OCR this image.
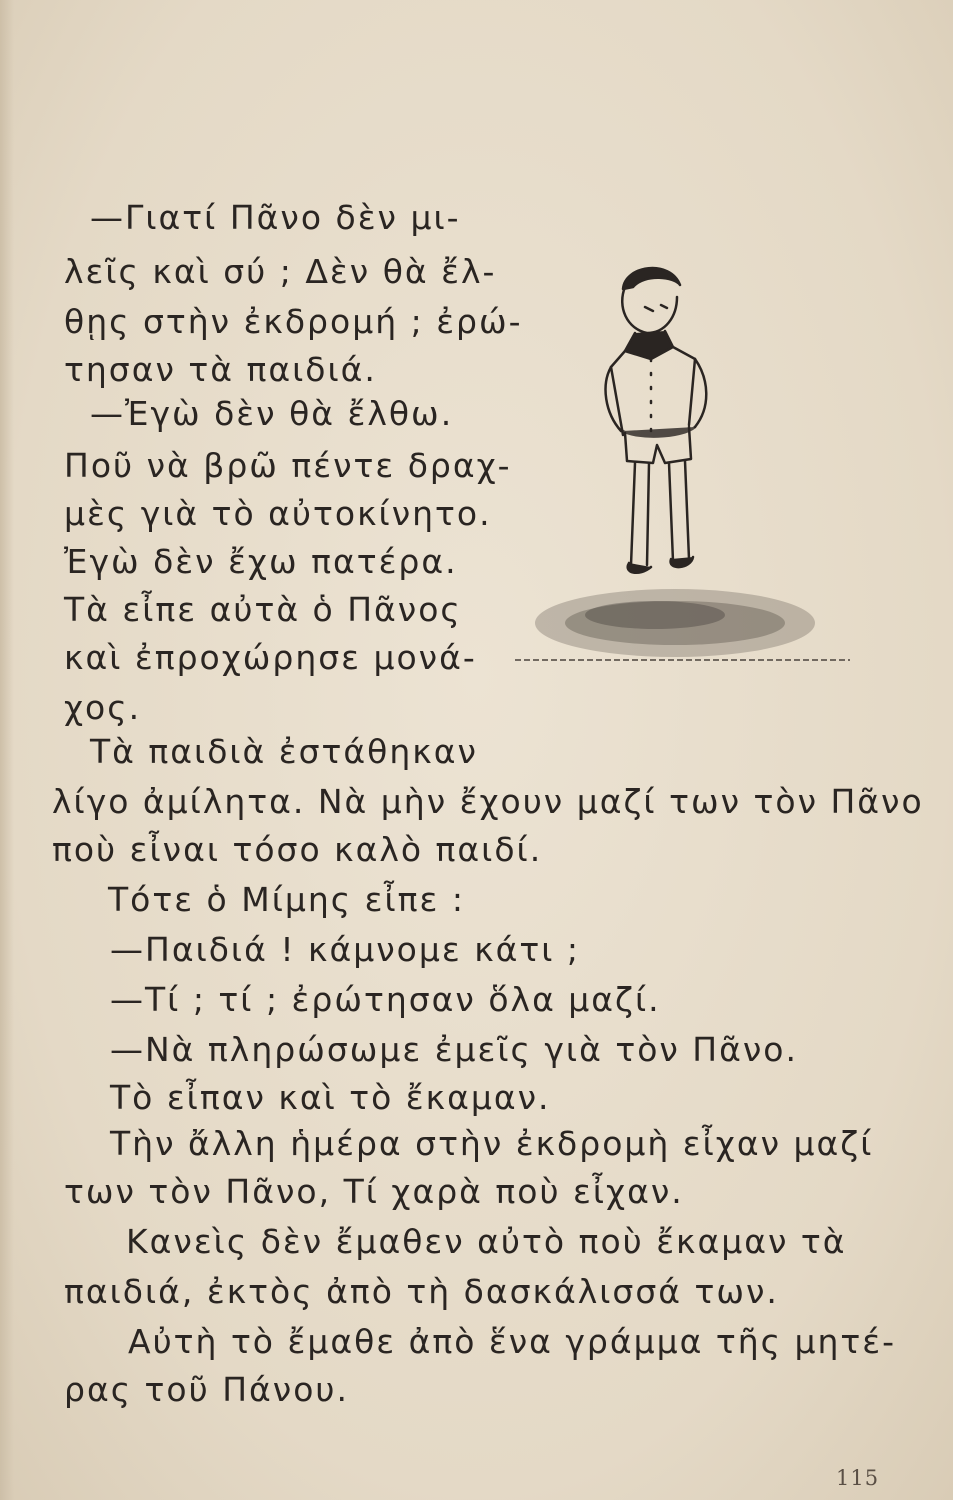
—Γιατί Πᾶνο δὲν μι-
λεῖς καὶ σύ ; Δὲν θὰ ἔλ-
θῃς στὴν ἐκδρομή ; ἐρώ-
τησαν τὰ παιδιά.
—Ἐγὼ δὲν θὰ ἔλθω.
Ποῦ νὰ βρῶ πέντε δραχ-
μὲς γιὰ τὸ αὐτοκίνητο.
Ἐγὼ δὲν ἔχω πατέρα.
Τὰ εἶπε αὐτὰ ὁ Πᾶνος
καὶ ἐπροχώρησε μονά-
χος.
Τὰ παιδιὰ ἐστάθηκαν
λίγο ἀμίλητα. Νὰ μὴν ἔχουν μαζί των τὸν Πᾶνο
ποὺ εἶναι τόσο καλὸ παιδί.
Τότε ὁ Μίμης εἶπε :
—Παιδιά ! κάμνομε κάτι ;
—Τί ; τί ; ἐρώτησαν ὅλα μαζί.
—Νὰ πληρώσωμε ἐμεῖς γιὰ τὸν Πᾶνο.
Τὸ εἶπαν καὶ τὸ ἔκαμαν.
Τὴν ἄλλη ἡμέρα στὴν ἐκδρομὴ εἶχαν μαζί
των τὸν Πᾶνο, Τί χαρὰ ποὺ εἶχαν.
Κανεὶς δὲν ἔμαθεν αὐτὸ ποὺ ἔκαμαν τὰ
παιδιά, ἐκτὸς ἀπὸ τὴ δασκάλισσά των.
Αὐτὴ τὸ ἔμαθε ἀπὸ ἕνα γράμμα τῆς μητέ-
ρας τοῦ Πάνου.
115
